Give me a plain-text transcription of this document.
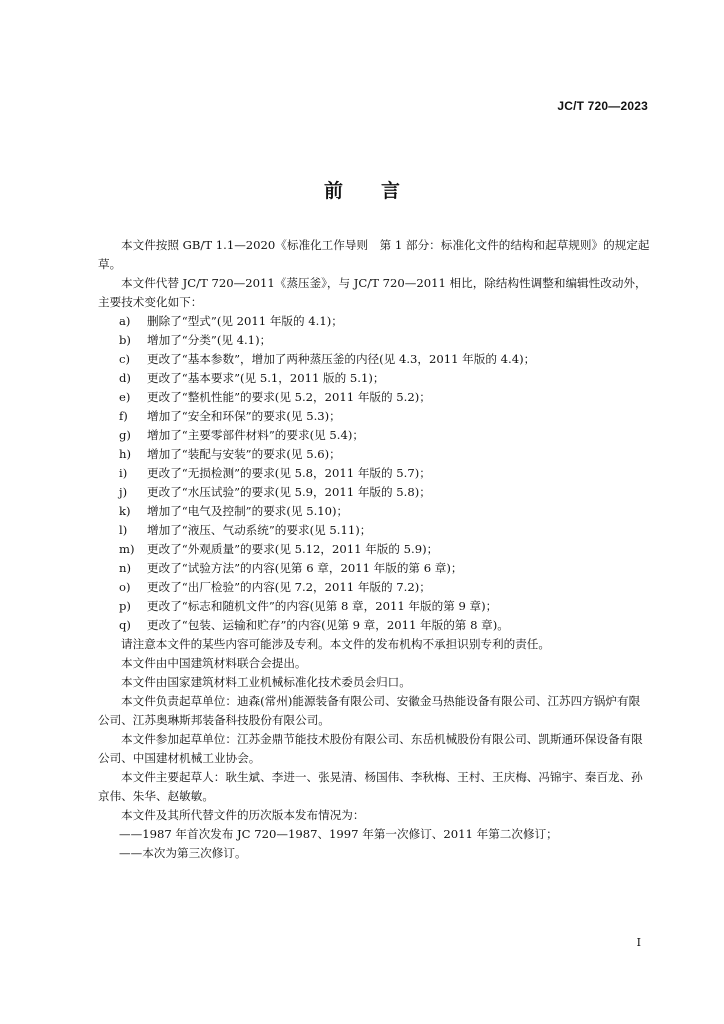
JC/T 720—2023
前言

本文件按照 GB/T 1.1—2020《标准化工作导则　第 1 部分：标准化文件的结构和起草规则》的规定起草。

本文件代替 JC/T 720—2011《蒸压釜》，与 JC/T 720—2011 相比，除结构性调整和编辑性改动外，主要技术变化如下：

a) 删除了“型式”(见 2011 年版的 4.1)；

b) 增加了“分类”(见 4.1)；

c) 更改了“基本参数”，增加了两种蒸压釜的内径(见 4.3，2011 年版的 4.4)；

d) 更改了“基本要求”(见 5.1，2011 版的 5.1)；

e) 更改了“整机性能”的要求(见 5.2，2011 年版的 5.2)；

f) 增加了“安全和环保”的要求(见 5.3)；

g) 增加了“主要零部件材料”的要求(见 5.4)；

h) 增加了“装配与安装”的要求(见 5.6)；

i) 更改了“无损检测”的要求(见 5.8，2011 年版的 5.7)；

j) 更改了“水压试验”的要求(见 5.9，2011 年版的 5.8)；

k) 增加了“电气及控制”的要求(见 5.10)；

l) 增加了“液压、气动系统”的要求(见 5.11)；

m) 更改了“外观质量”的要求(见 5.12，2011 年版的 5.9)；

n) 更改了“试验方法”的内容(见第 6 章，2011 年版的第 6 章)；

o) 更改了“出厂检验”的内容(见 7.2，2011 年版的 7.2)；

p) 更改了“标志和随机文件”的内容(见第 8 章，2011 年版的第 9 章)；

q) 更改了“包装、运输和贮存”的内容(见第 9 章，2011 年版的第 8 章)。

请注意本文件的某些内容可能涉及专利。本文件的发布机构不承担识别专利的责任。

本文件由中国建筑材料联合会提出。

本文件由国家建筑材料工业机械标准化技术委员会归口。

本文件负责起草单位：迪森(常州)能源装备有限公司、安徽金马热能设备有限公司、江苏四方锅炉有限公司、江苏奥琳斯邦装备科技股份有限公司。

本文件参加起草单位：江苏金鼎节能技术股份有限公司、东岳机械股份有限公司、凯斯通环保设备有限公司、中国建材机械工业协会。

本文件主要起草人：耿生斌、李进一、张晃清、杨国伟、李秋梅、王村、王庆梅、冯锦宇、秦百龙、孙京伟、朱华、赵敏敏。

本文件及其所代替文件的历次版本发布情况为：

——1987 年首次发布 JC 720—1987、1997 年第一次修订、2011 年第二次修订；

——本次为第三次修订。

I
